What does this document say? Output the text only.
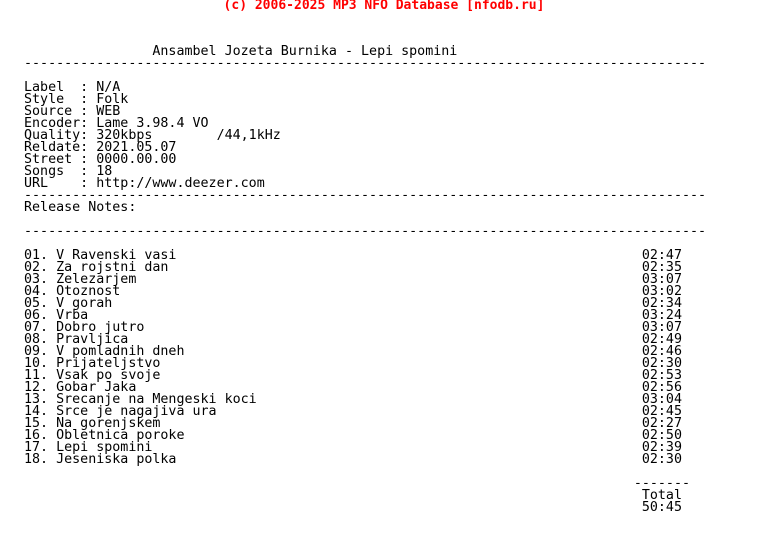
(c) 2006-2025 MP3 NFO Database [nfodb.ru]
Ansambel Jozeta Burnika - Lepi spomini
-------------------------------------------------------------------------------------
Label  : N/A
Style  : Folk
Source : WEB
Encoder: Lame 3.98.4 VO
Quality: 320kbps        /44,1kHz
Reldate: 2021.05.07
Street : 0000.00.00
Songs  : 18
URL    : http://www.deezer.com
-------------------------------------------------------------------------------------
Release Notes:
-------------------------------------------------------------------------------------
01. V Ravenski vasi                                                          02:47
02. Za rojstni dan                                                           02:35
03. Zelezarjem                                                               03:07
04. Otoznost                                                                 03:02
05. V gorah                                                                  02:34
06. Vrba                                                                     03:24
07. Dobro jutro                                                              03:07
08. Pravljica                                                                02:49
09. V pomladnih dneh                                                         02:46
10. Prijateljstvo                                                            02:30
11. Vsak po svoje                                                            02:53
12. Gobar Jaka                                                               02:56
13. Srecanje na Mengeski koci                                                03:04
14. Srce je nagajiva ura                                                     02:45
15. Na gorenjskem                                                            02:27
16. Obletnica poroke                                                         02:50
17. Lepi spomini                                                             02:39
18. Jeseniska polka                                                          02:30
-------
Total
50:45
